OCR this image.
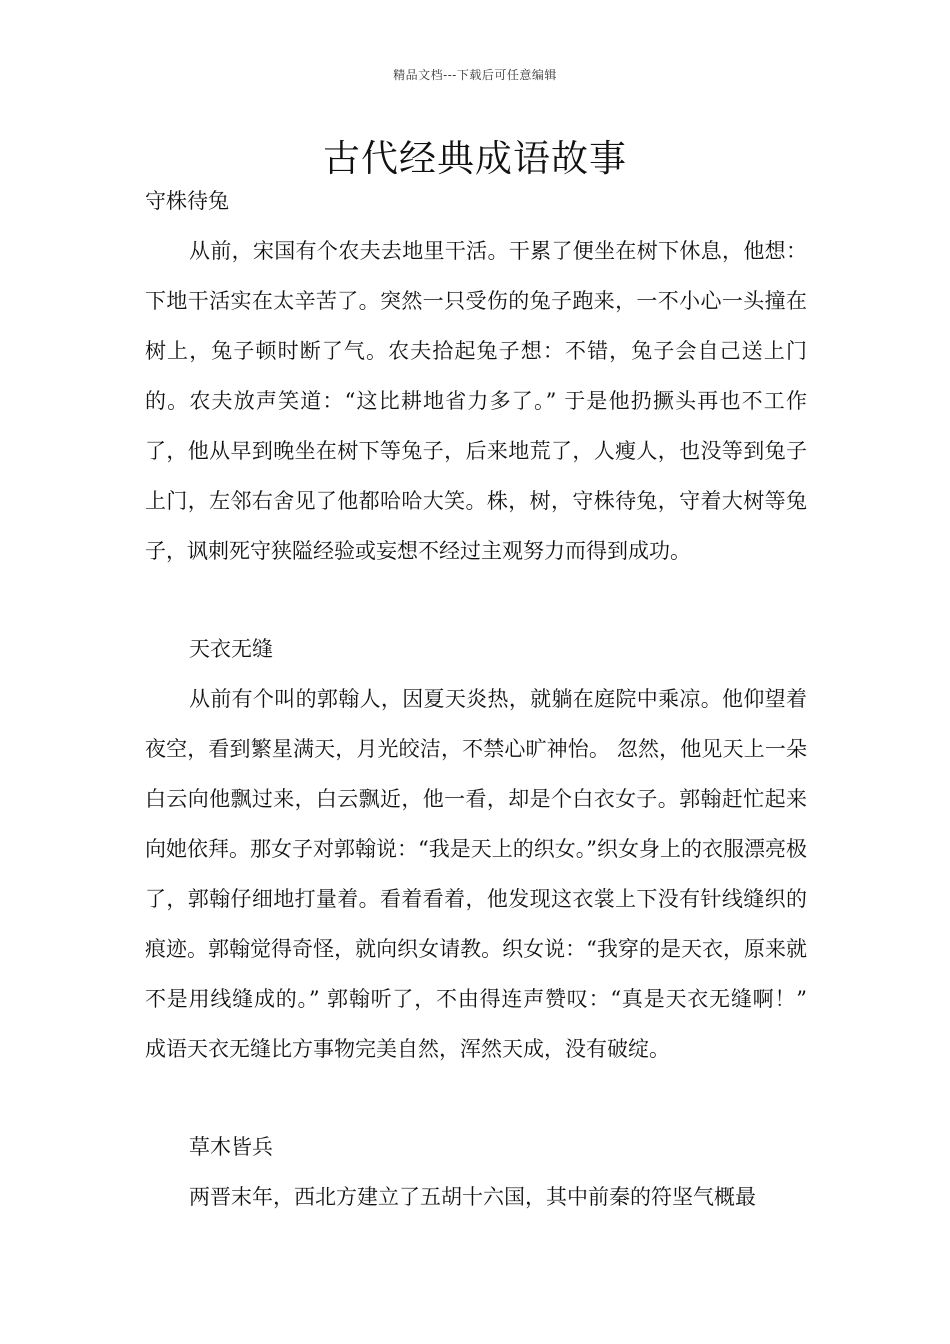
精品文档---下载后可任意编辑
古代经典成语故事

守株待兔

从前，宋国有个农夫去地里干活。干累了便坐在树下休息，他想：下地干活实在太辛苦了。突然一只受伤的兔子跑来，一不小心一头撞在树上，兔子顿时断了气。农夫拾起兔子想：不错，兔子会自己送上门的。农夫放声笑道：“这比耕地省力多了。” 于是他扔撅头再也不工作了，他从早到晚坐在树下等兔子，后来地荒了，人瘦人，也没等到兔子上门，左邻右舍见了他都哈哈大笑。株，树，守株待兔，守着大树等兔子，讽刺死守狭隘经验或妄想不经过主观努力而得到成功。

天衣无缝

从前有个叫的郭翰人，因夏天炎热，就躺在庭院中乘凉。他仰望着夜空，看到繁星满天，月光皎洁，不禁心旷神怡。 忽然，他见天上一朵白云向他飘过来，白云飘近，他一看，却是个白衣女子。郭翰赶忙起来向她依拜。那女子对郭翰说：“我是天上的织女。”织女身上的衣服漂亮极了，郭翰仔细地打量着。看着看着，他发现这衣裳上下没有针线缝织的痕迹。郭翰觉得奇怪，就向织女请教。织女说：“我穿的是天衣，原来就不是用线缝成的。” 郭翰听了，不由得连声赞叹：“真是天衣无缝啊！” 成语天衣无缝比方事物完美自然，浑然天成，没有破绽。

草木皆兵

两晋末年，西北方建立了五胡十六国，其中前秦的符坚气概最
